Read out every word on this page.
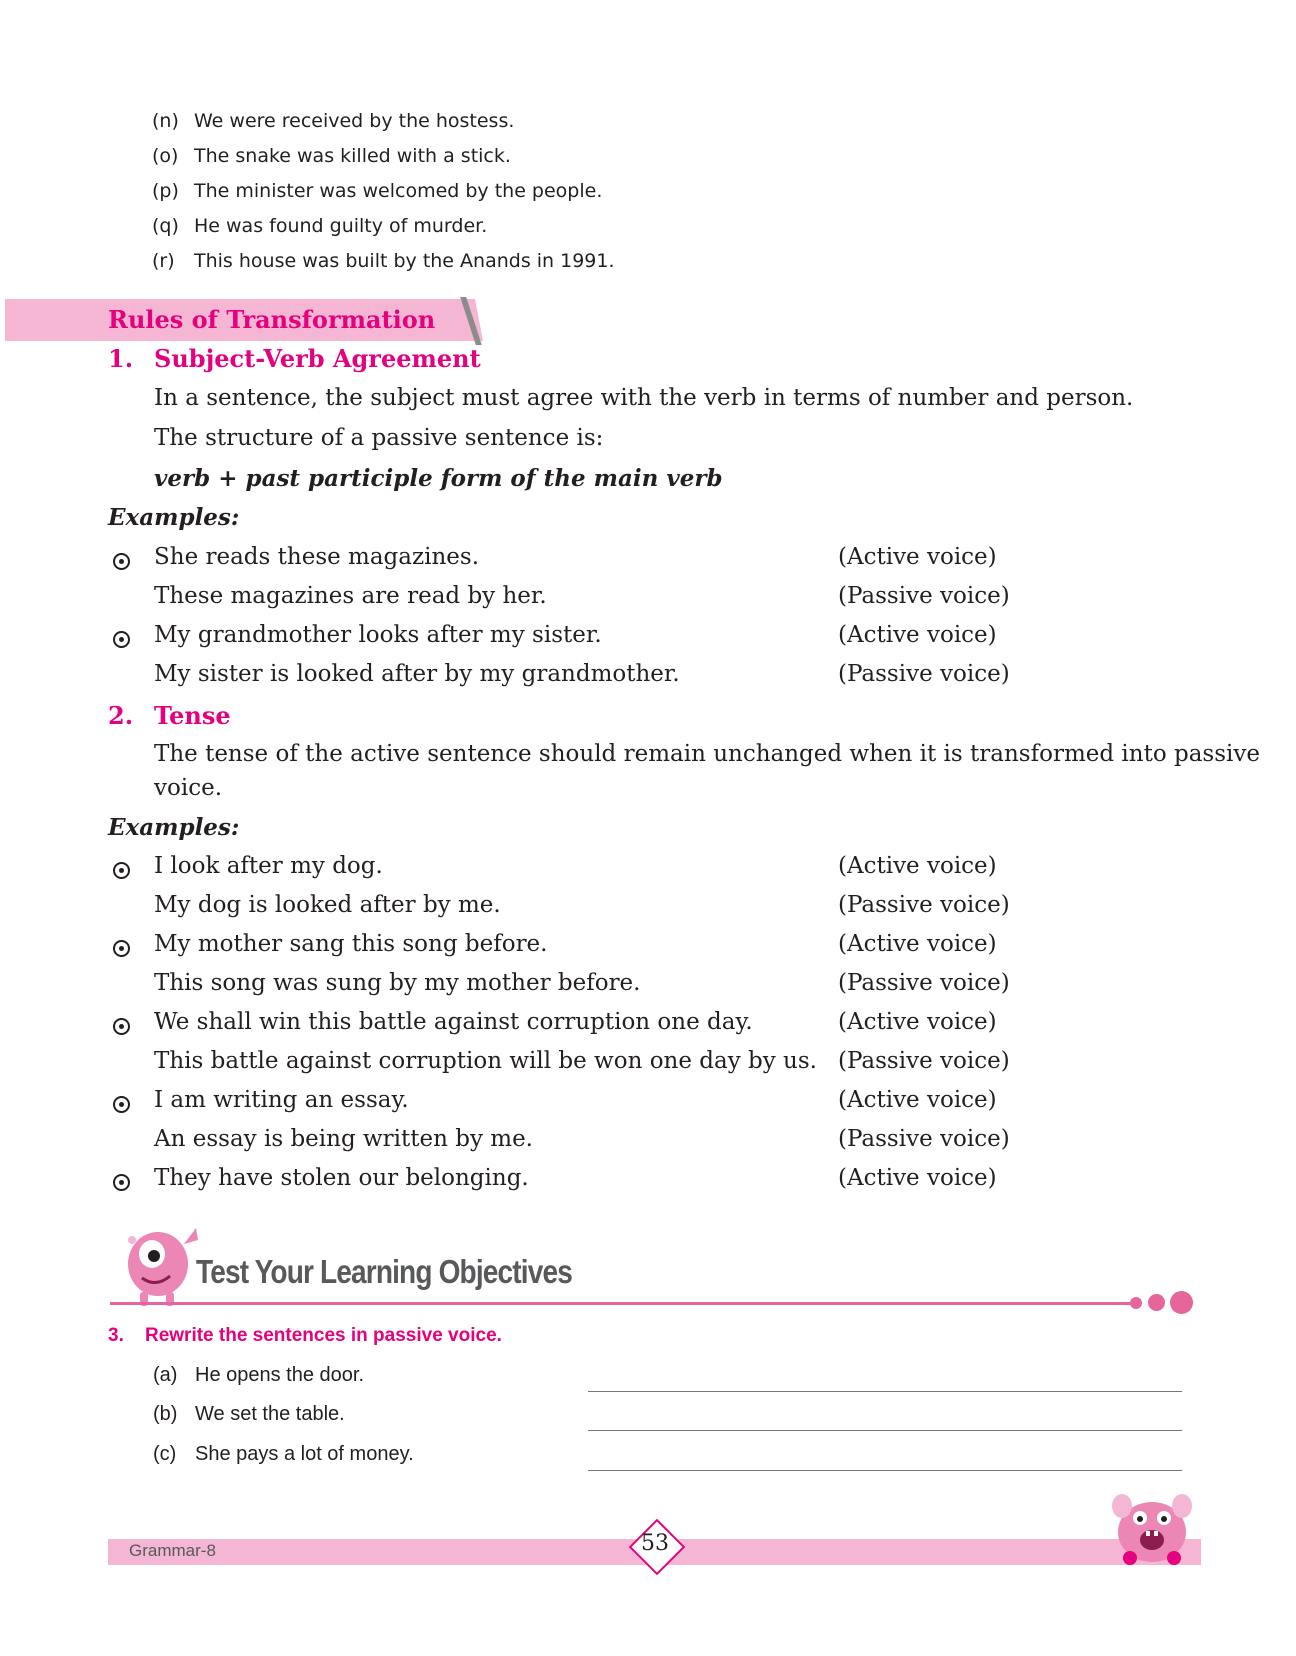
(n) We were received by the hostess.
(o) The snake was killed with a stick.
(p) The minister was welcomed by the people.
(q) He was found guilty of murder.
(r) This house was built by the Anands in 1991.
Rules of Transformation
1. Subject-Verb Agreement
In a sentence, the subject must agree with the verb in terms of number and person.
The structure of a passive sentence is:
verb + past participle form of the main verb
Examples:
She reads these magazines.	(Active voice)
These magazines are read by her.	(Passive voice)
My grandmother looks after my sister.	(Active voice)
My sister is looked after by my grandmother.	(Passive voice)
2. Tense
The tense of the active sentence should remain unchanged when it is transformed into passive
voice.
Examples:
I look after my dog.	(Active voice)
My dog is looked after by me.	(Passive voice)
My mother sang this song before.	(Active voice)
This song was sung by my mother before.	(Passive voice)
We shall win this battle against corruption one day.	(Active voice)
This battle against corruption will be won one day by us. (Passive voice)
I am writing an essay.	(Active voice)
An essay is being written by me.	(Passive voice)
They have stolen our belonging.	(Active voice)
Test Your Learning Objectives
3. Rewrite the sentences in passive voice.
(a) He opens the door.
(b) We set the table.
(c) She pays a lot of money.
Grammar-8	53
